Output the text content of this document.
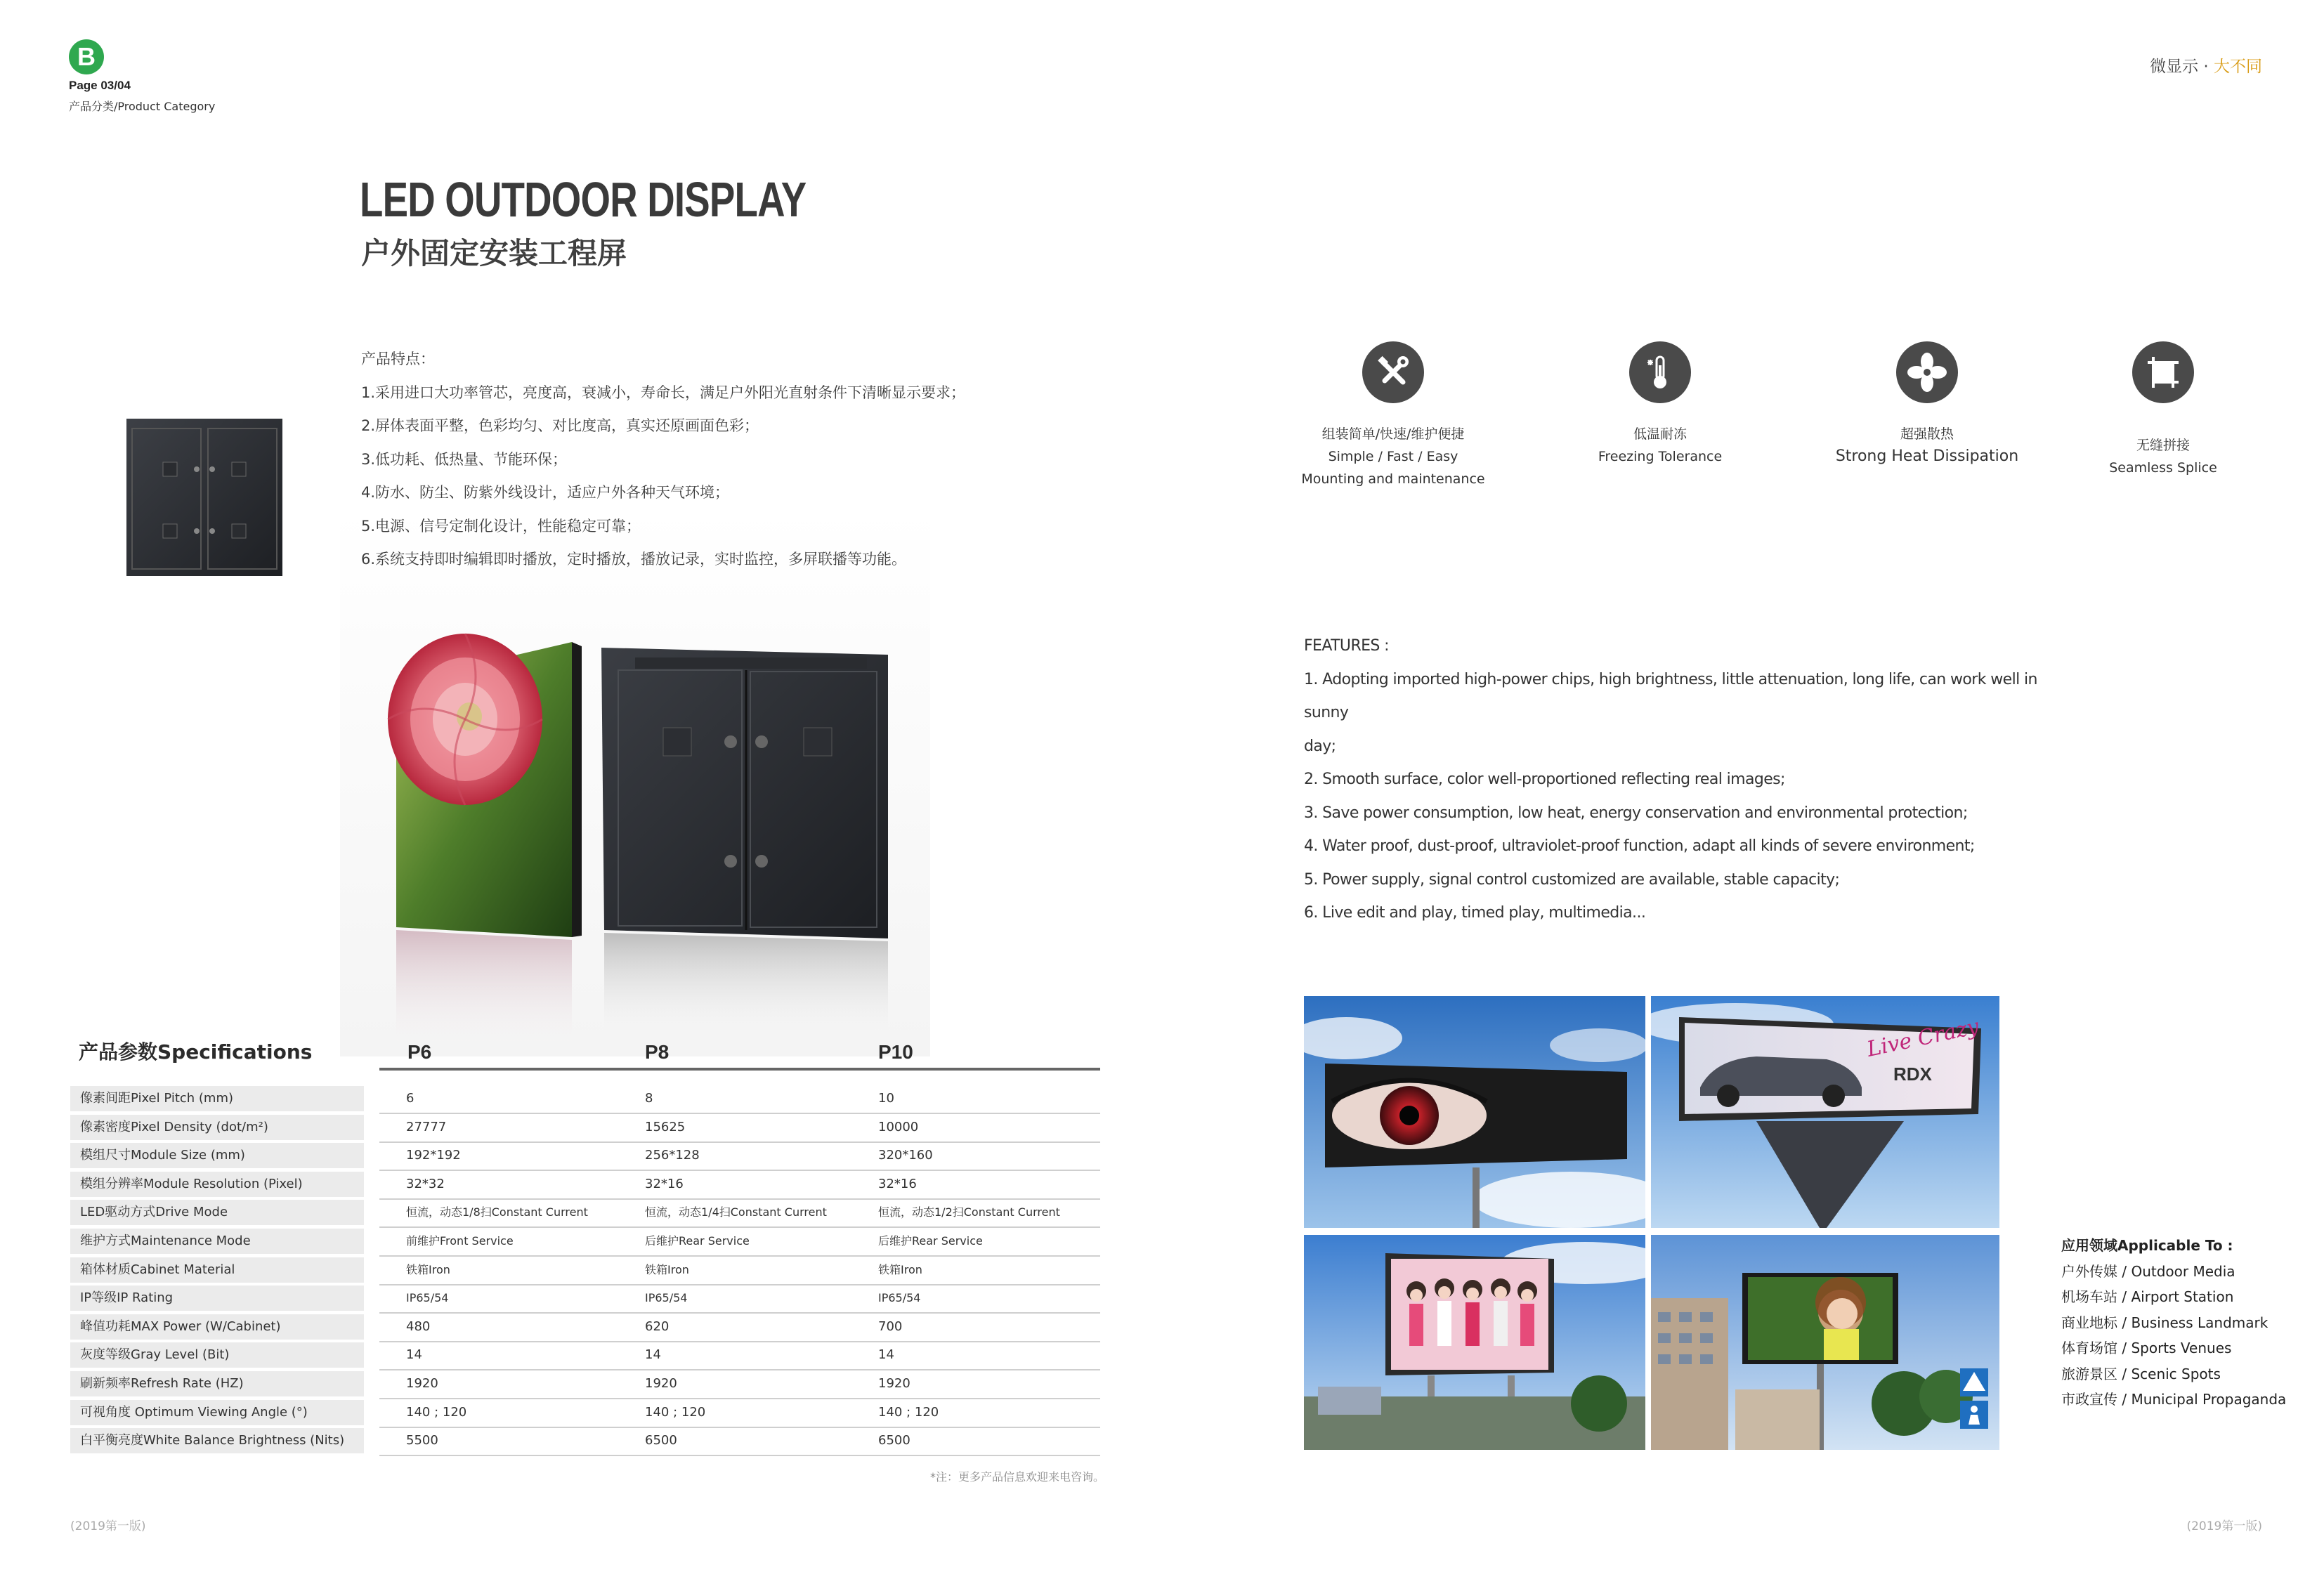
B
Page 03/04
产品分类/Product Category
微显示 · 大不同
LED OUTDOOR DISPLAY
户外固定安装工程屏
产品特点：
1.采用进口大功率管芯，亮度高，衰减小，寿命长，满足户外阳光直射条件下清晰显示要求；
2.屏体表面平整，色彩均匀、对比度高，真实还原画面色彩；
3.低功耗、低热量、节能环保；
4.防水、防尘、防紫外线设计，适应户外各种天气环境；
5.电源、信号定制化设计，性能稳定可靠；
6.系统支持即时编辑即时播放，定时播放，播放记录，实时监控，多屏联播等功能。
产品参数Specifications	P6	P8	P10
像素间距Pixel Pitch (mm)	6	8	10
像素密度Pixel Density (dot/m²)	27777	15625	10000
模组尺寸Module Size (mm)	192*192	256*128	320*160
模组分辨率Module Resolution (Pixel)	32*32	32*16	32*16
LED驱动方式Drive Mode	恒流，动态1/8扫Constant Current	恒流，动态1/4扫Constant Current	恒流，动态1/2扫Constant Current
维护方式Maintenance Mode	前维护Front Service	后维护Rear Service	后维护Rear Service
箱体材质Cabinet Material	铁箱Iron	铁箱Iron	铁箱Iron
IP等级IP Rating	IP65/54	IP65/54	IP65/54
峰值功耗MAX Power (W/Cabinet)	480	620	700
灰度等级Gray Level (Bit)	14	14	14
刷新频率Refresh Rate (HZ)	1920	1920	1920
可视角度 Optimum Viewing Angle (°)	140 ; 120	140 ; 120	140 ; 120
白平衡亮度White Balance Brightness (Nits)	5500	6500	6500
*注：更多产品信息欢迎来电咨询。
(2019第一版)	(2019第一版)
组装简单/快速/维护便捷
Simple / Fast / Easy
Mounting and maintenance
低温耐冻
Freezing Tolerance
超强散热
Strong Heat Dissipation
无缝拼接
Seamless Splice
FEATURES :
1. Adopting imported high-power chips, high brightness, little attenuation, long life, can work well in sunny
day;
2. Smooth surface, color well-proportioned reflecting real images;
3. Save power consumption, low heat, energy conservation and environmental protection;
4. Water proof, dust-proof, ultraviolet-proof function, adapt all kinds of severe environment;
5. Power supply, signal control customized are available, stable capacity;
6. Live edit and play, timed play, multimedia...
Live Crazy
RDX
应用领域Applicable To :
户外传媒 / Outdoor Media
机场车站 / Airport Station
商业地标 / Business Landmark
体育场馆 / Sports Venues
旅游景区 / Scenic Spots
市政宣传 / Municipal Propaganda
